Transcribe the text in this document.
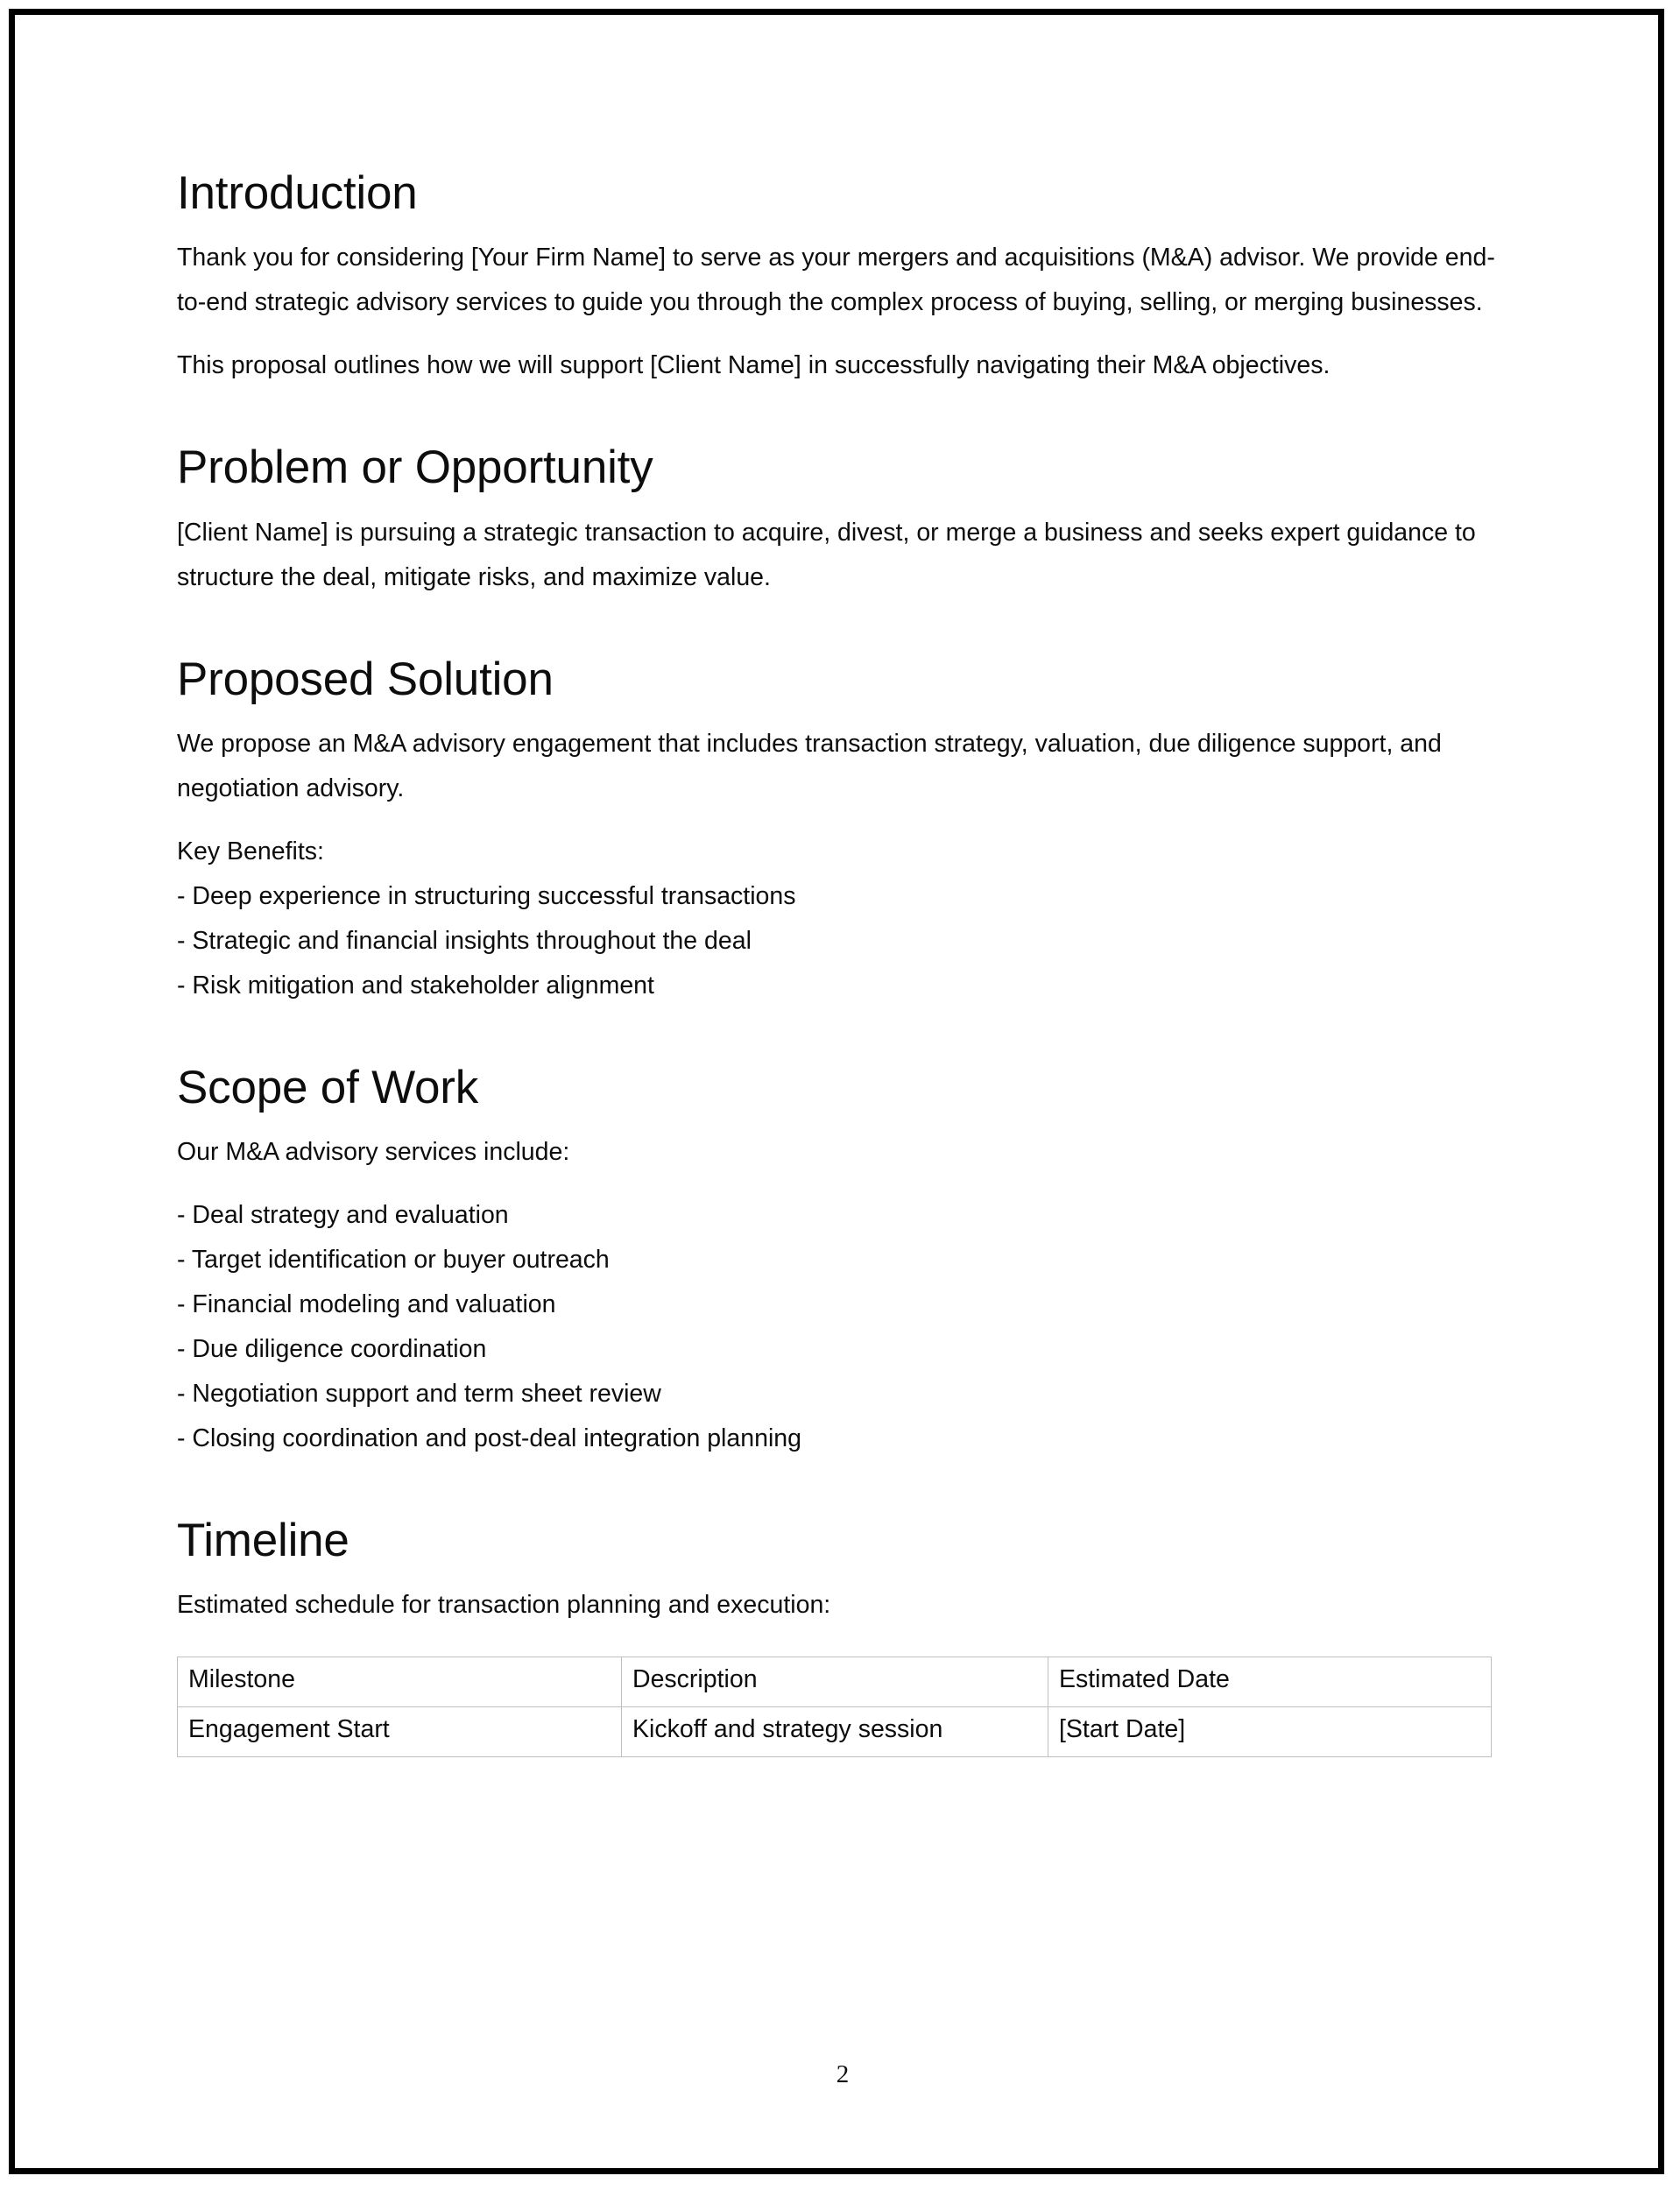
Introduction

Thank you for considering [Your Firm Name] to serve as your mergers and acquisitions (M&A) advisor. We provide end-to-end strategic advisory services to guide you through the complex process of buying, selling, or merging businesses.

This proposal outlines how we will support [Client Name] in successfully navigating their M&A objectives.

Problem or Opportunity

[Client Name] is pursuing a strategic transaction to acquire, divest, or merge a business and seeks expert guidance to structure the deal, mitigate risks, and maximize value.

Proposed Solution

We propose an M&A advisory engagement that includes transaction strategy, valuation, due diligence support, and negotiation advisory.

Key Benefits:

- Deep experience in structuring successful transactions
- Strategic and financial insights throughout the deal
- Risk mitigation and stakeholder alignment
Scope of Work

Our M&A advisory services include:

- Deal strategy and evaluation
- Target identification or buyer outreach
- Financial modeling and valuation
- Due diligence coordination
- Negotiation support and term sheet review
- Closing coordination and post-deal integration planning
Timeline

Estimated schedule for transaction planning and execution:

Milestone	Description	Estimated Date
Engagement Start	Kickoff and strategy session	[Start Date]
2
